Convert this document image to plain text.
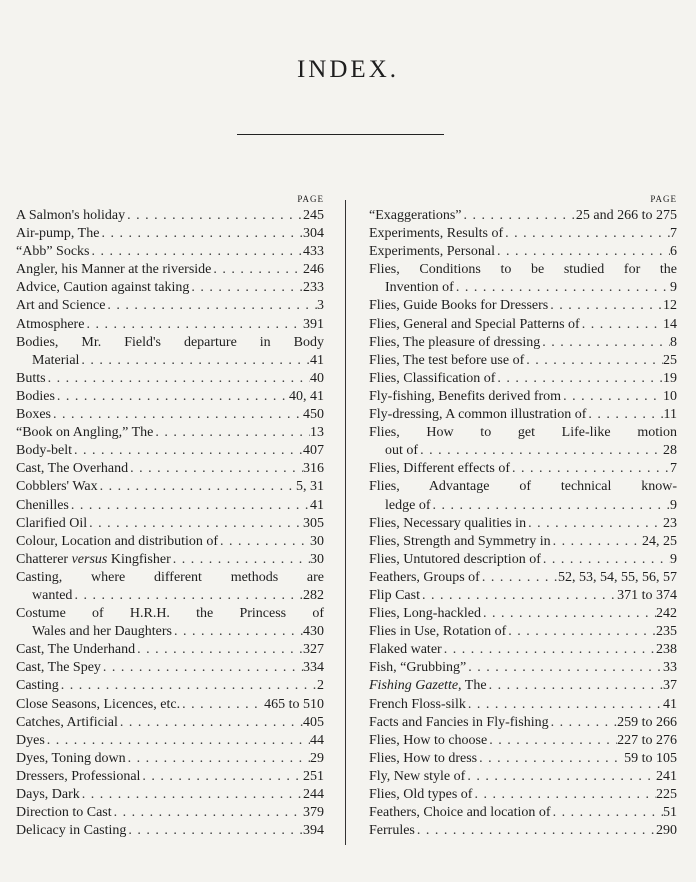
INDEX.
PAGE
A Salmon's holiday . . .	245
Air-pump, The . . .	304
“Abb” Socks . . .	433
Angler, his Manner at the riverside . . .	246
Advice, Caution against taking . . .	233
Art and Science . . .	3
Atmosphere . . .	391
Bodies, Mr. Field's departure in Body
Material . . .	41
Butts . . .	40
Bodies . . .	40, 41
Boxes . . .	450
“Book on Angling,” The . . .	13
Body-belt . . .	407
Cast, The Overhand . . .	316
Cobblers' Wax . . .	5, 31
Chenilles . . .	41
Clarified Oil . . .	305
Colour, Location and distribution of . . .	30
Chatterer versus Kingfisher . . .	30
Casting, where different methods are
wanted . . .	282
Costume of H.R.H. the Princess of
Wales and her Daughters . . .	430
Cast, The Underhand . . .	327
Cast, The Spey . . .	334
Casting . . .	2
Close Seasons, Licences, etc. . . .	465 to 510
Catches, Artificial . . .	405
Dyes . . .	44
Dyes, Toning down . . .	29
Dressers, Professional . . .	251
Days, Dark . . .	244
Direction to Cast . . .	379
Delicacy in Casting . . .	394
PAGE
“Exaggerations” . . .	25 and 266 to 275
Experiments, Results of . . .	7
Experiments, Personal . . .	6
Flies, Conditions to be studied for the
Invention of . . .	9
Flies, Guide Books for Dressers . . .	12
Flies, General and Special Patterns of . . .	14
Flies, The pleasure of dressing . . .	8
Flies, The test before use of . . .	25
Flies, Classification of . . .	19
Fly-fishing, Benefits derived from . . .	10
Fly-dressing, A common illustration of . . .	11
Flies, How to get Life-like motion
out of . . .	28
Flies, Different effects of . . .	7
Flies, Advantage of technical know-
ledge of . . .	9
Flies, Necessary qualities in . . .	23
Flies, Strength and Symmetry in . . .	24, 25
Flies, Untutored description of . . .	9
Feathers, Groups of . . .	52, 53, 54, 55, 56, 57
Flip Cast . . .	371 to 374
Flies, Long-hackled . . .	242
Flies in Use, Rotation of . . .	235
Flaked water . . .	238
Fish, “Grubbing” . . .	33
Fishing Gazette, The . . .	37
French Floss-silk . . .	41
Facts and Fancies in Fly-fishing . . .	259 to 266
Flies, How to choose . . .	227 to 276
Flies, How to dress . . .	59 to 105
Fly, New style of . . .	241
Flies, Old types of . . .	225
Feathers, Choice and location of . . .	51
Ferrules . . .	290
